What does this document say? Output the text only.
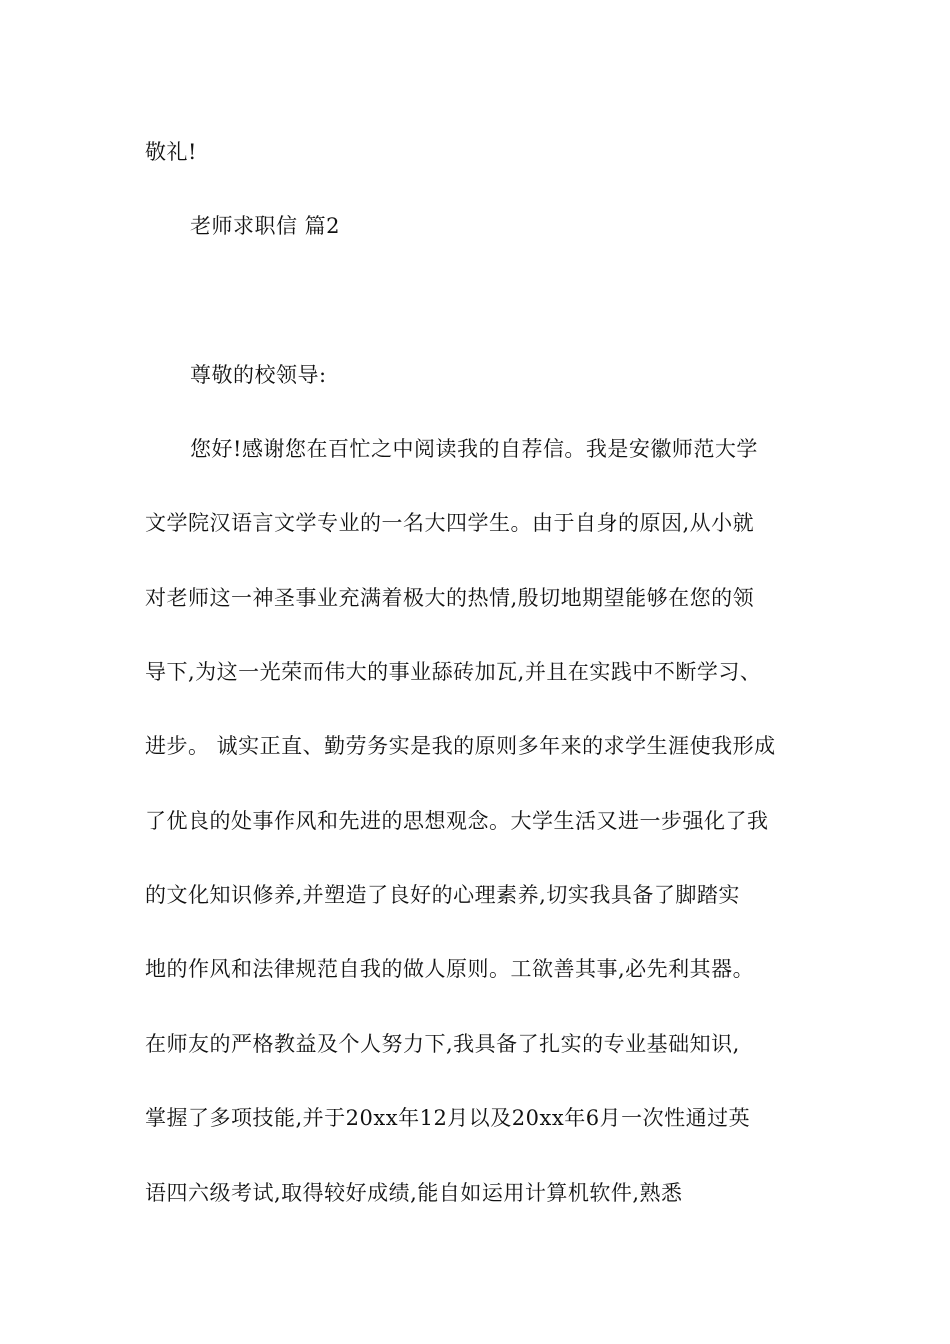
敬礼!
老师求职信 篇2
尊敬的校领导:
您好!感谢您在百忙之中阅读我的自荐信。我是安徽师范大学
文学院汉语言文学专业的一名大四学生。由于自身的原因,从小就
对老师这一神圣事业充满着极大的热情,殷切地期望能够在您的领
导下,为这一光荣而伟大的事业舔砖加瓦,并且在实践中不断学习、
进步。 诚实正直、勤劳务实是我的原则多年来的求学生涯使我形成
了优良的处事作风和先进的思想观念。大学生活又进一步强化了我
的文化知识修养,并塑造了良好的心理素养,切实我具备了脚踏实
地的作风和法律规范自我的做人原则。工欲善其事,必先利其器。
在师友的严格教益及个人努力下,我具备了扎实的专业基础知识,
掌握了多项技能,并于20xx年12月以及20xx年6月一次性通过英
语四六级考试,取得较好成绩,能自如运用计算机软件,熟悉
